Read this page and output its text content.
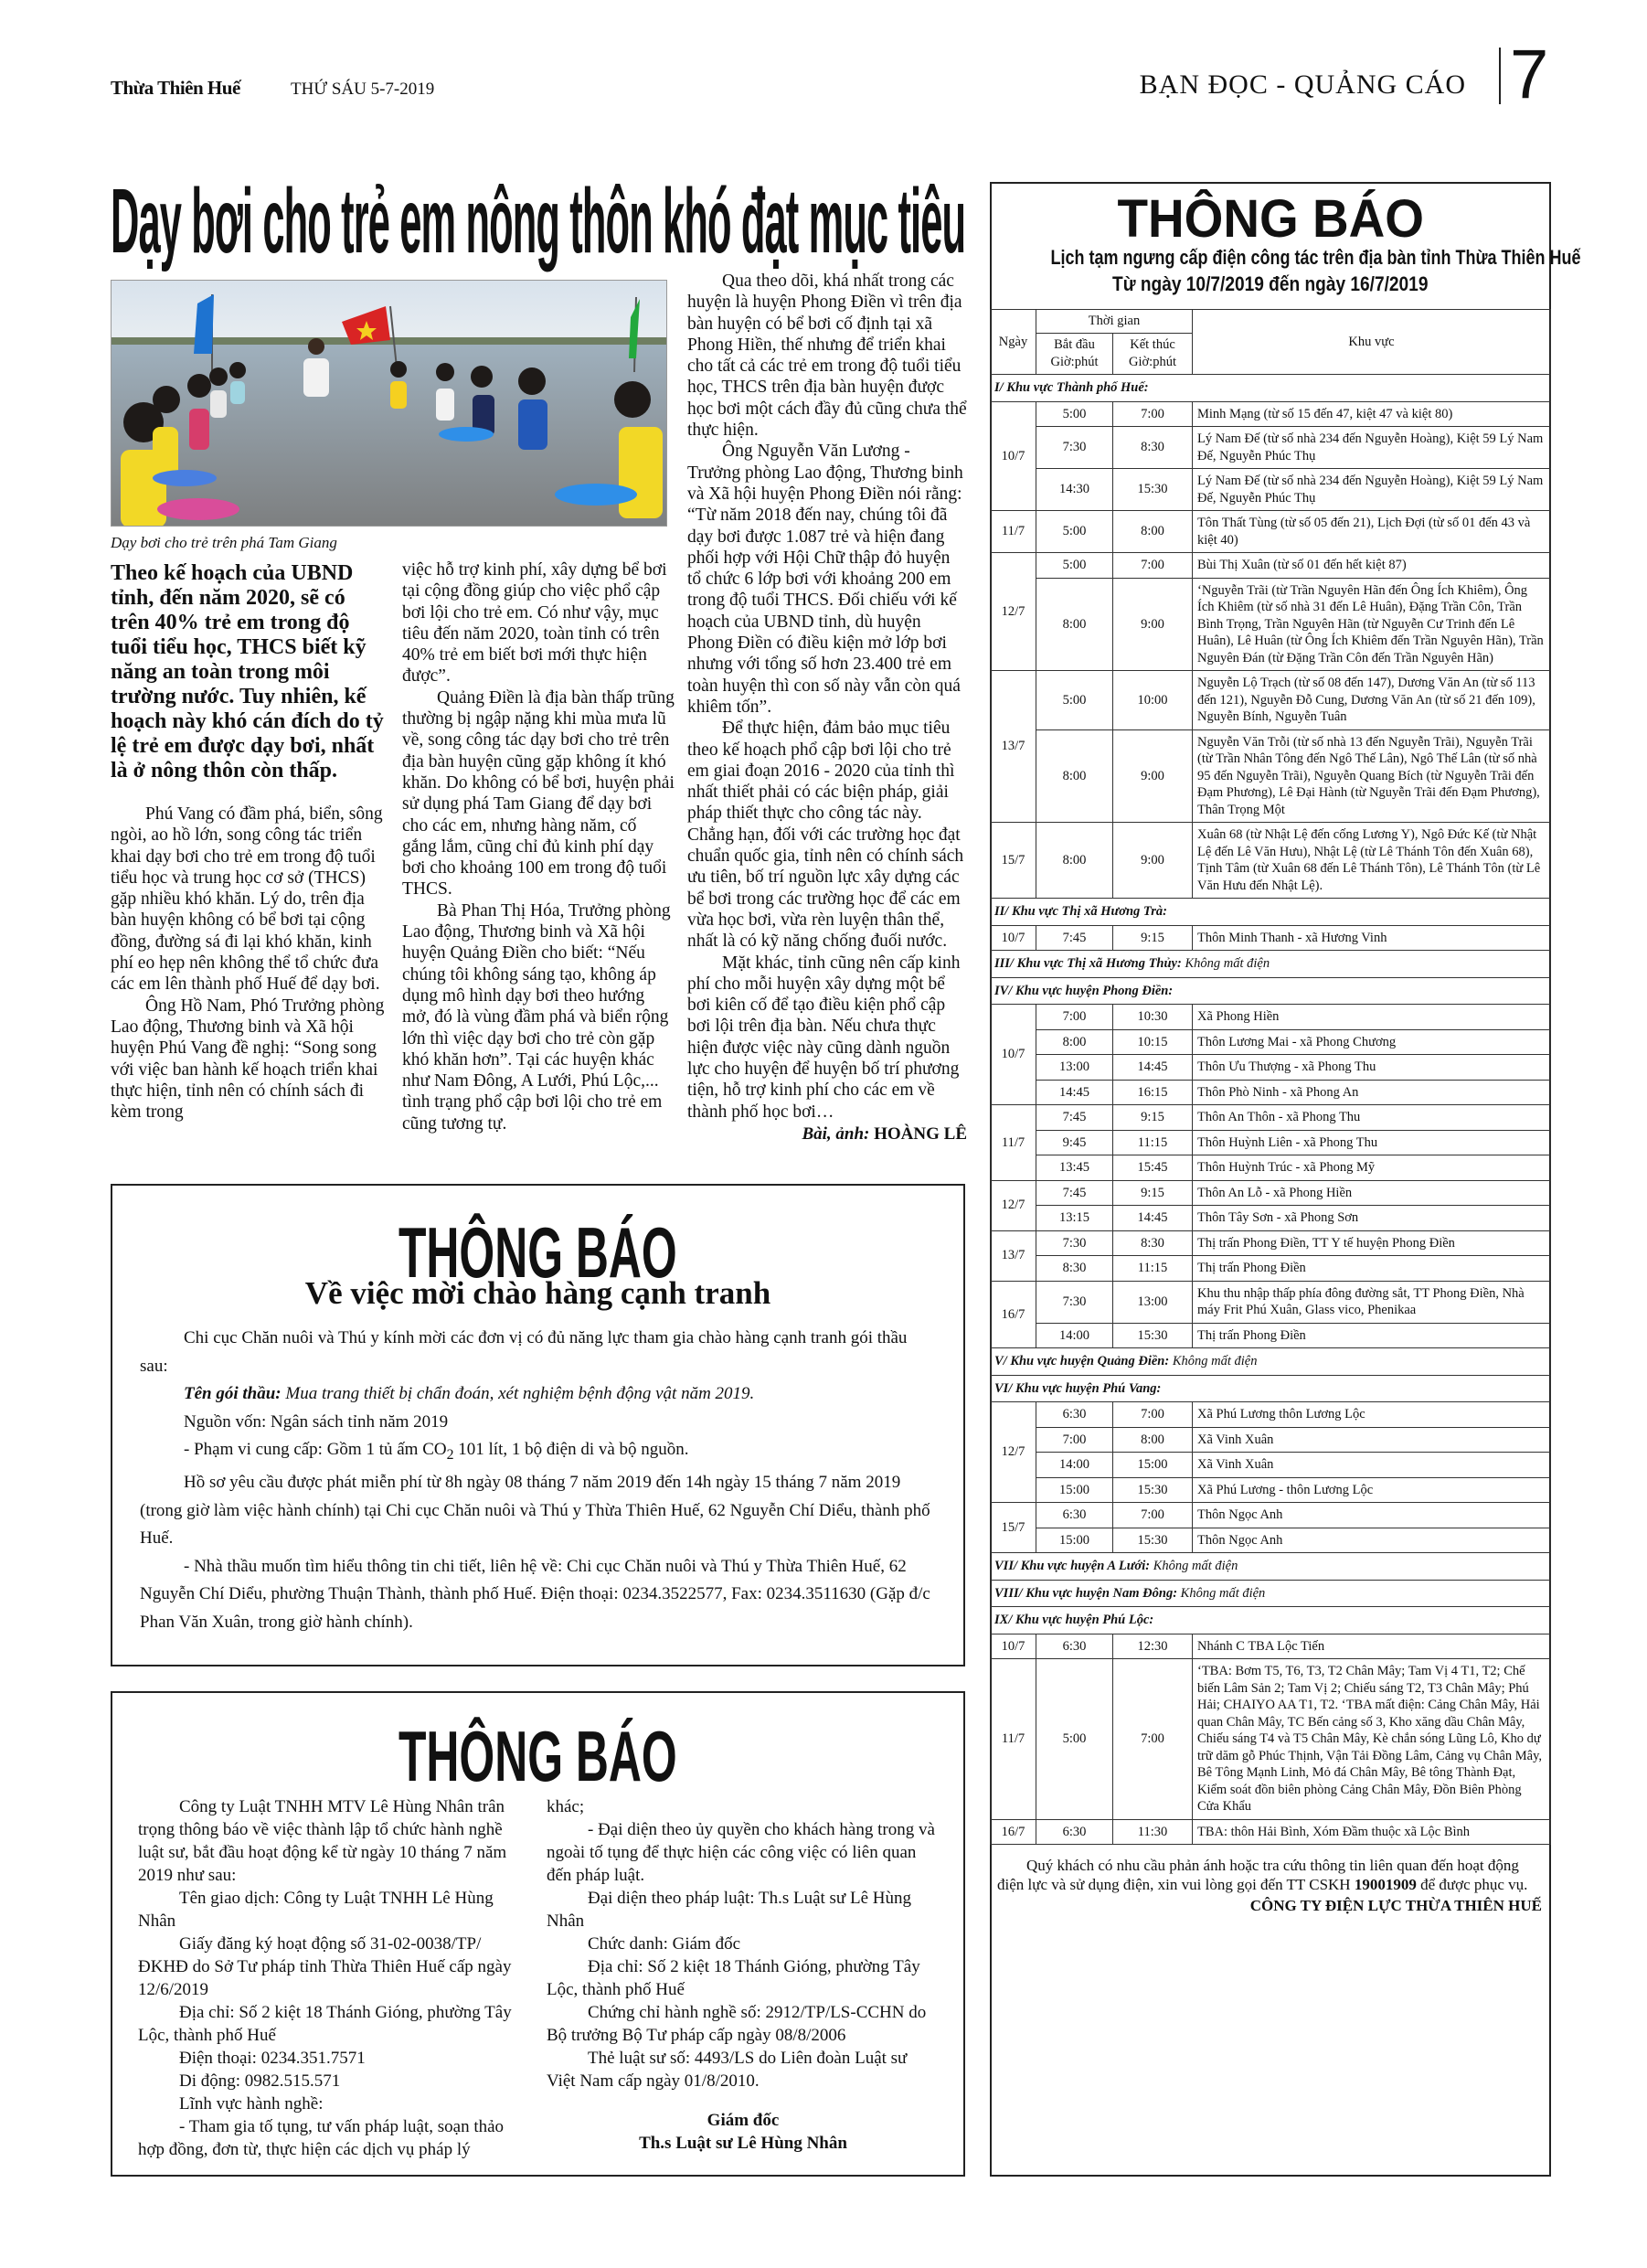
Thừa Thiên Huế	THỨ SÁU 5-7-2019	BẠN ĐỌC - QUẢNG CÁO 7
Dạy bơi cho trẻ em nông thôn khó đạt mục tiêu
Dạy bơi cho trẻ trên phá Tam Giang

Theo kế hoạch của UBND tỉnh, đến năm 2020, sẽ có trên 40% trẻ em trong độ tuổi tiểu học, THCS biết kỹ năng an toàn trong môi trường nước. Tuy nhiên, kế hoạch này khó cán đích do tỷ lệ trẻ em được dạy bơi, nhất là ở nông thôn còn thấp.

Phú Vang có đầm phá, biển, sông ngòi, ao hồ lớn, song công tác triển khai dạy bơi cho trẻ em trong độ tuổi tiểu học và trung học cơ sở (THCS) gặp nhiều khó khăn. Lý do, trên địa bàn huyện không có bể bơi tại cộng đồng, đường sá đi lại khó khăn, kinh phí eo hẹp nên không thể tổ chức đưa các em lên thành phố Huế để dạy bơi.

Ông Hồ Nam, Phó Trưởng phòng Lao động, Thương binh và Xã hội huyện Phú Vang đề nghị: “Song song với việc ban hành kế hoạch triển khai thực hiện, tỉnh nên có chính sách đi kèm trong

việc hỗ trợ kinh phí, xây dựng bể bơi tại cộng đồng giúp cho việc phổ cập bơi lội cho trẻ em. Có như vậy, mục tiêu đến năm 2020, toàn tỉnh có trên 40% trẻ em biết bơi mới thực hiện được”.

Quảng Điền là địa bàn thấp trũng thường bị ngập nặng khi mùa mưa lũ về, song công tác dạy bơi cho trẻ trên địa bàn huyện cũng gặp không ít khó khăn. Do không có bể bơi, huyện phải sử dụng phá Tam Giang để dạy bơi cho các em, nhưng hàng năm, cố gắng lắm, cũng chỉ đủ kinh phí dạy bơi cho khoảng 100 em trong độ tuổi THCS.

Bà Phan Thị Hóa, Trưởng phòng Lao động, Thương binh và Xã hội huyện Quảng Điền cho biết: “Nếu chúng tôi không sáng tạo, không áp dụng mô hình dạy bơi theo hướng mở, đó là vùng đầm phá và biển rộng lớn thì việc dạy bơi cho trẻ còn gặp khó khăn hơn”. Tại các huyện khác như Nam Đông, A Lưới, Phú Lộc,... tình trạng phổ cập bơi lội cho trẻ em cũng tương tự.

Qua theo dõi, khá nhất trong các huyện là huyện Phong Điền vì trên địa bàn huyện có bể bơi cố định tại xã Phong Hiền, thế nhưng để triển khai cho tất cả các trẻ em trong độ tuổi tiểu học, THCS trên địa bàn huyện được học bơi một cách đầy đủ cũng chưa thể thực hiện.

Ông Nguyễn Văn Lương - Trưởng phòng Lao động, Thương binh và Xã hội huyện Phong Điền nói rằng: “Từ năm 2018 đến nay, chúng tôi đã dạy bơi được 1.087 trẻ và hiện đang phối hợp với Hội Chữ thập đỏ huyện tổ chức 6 lớp bơi với khoảng 200 em trong độ tuổi THCS. Đối chiếu với kế hoạch của UBND tỉnh, dù huyện Phong Điền có điều kiện mở lớp bơi nhưng với tổng số hơn 23.400 trẻ em toàn huyện thì con số này vẫn còn quá khiêm tốn”.

Để thực hiện, đảm bảo mục tiêu theo kế hoạch phổ cập bơi lội cho trẻ em giai đoạn 2016 - 2020 của tỉnh thì nhất thiết phải có các biện pháp, giải pháp thiết thực cho công tác này. Chẳng hạn, đối với các trường học đạt chuẩn quốc gia, tỉnh nên có chính sách ưu tiên, bố trí nguồn lực xây dựng các bể bơi trong các trường học để các em vừa học bơi, vừa rèn luyện thân thể, nhất là có kỹ năng chống đuối nước.

Mặt khác, tỉnh cũng nên cấp kinh phí cho mỗi huyện xây dựng một bể bơi kiên cố để tạo điều kiện phổ cập bơi lội trên địa bàn. Nếu chưa thực hiện được việc này cũng dành nguồn lực cho huyện để huyện bố trí phương tiện, hỗ trợ kinh phí cho các em về thành phố học bơi…

Bài, ảnh: HOÀNG LÊ
THÔNG BÁO
Về việc mời chào hàng cạnh tranh

Chi cục Chăn nuôi và Thú y kính mời các đơn vị có đủ năng lực tham gia chào hàng cạnh tranh gói thầu sau:

Tên gói thầu: Mua trang thiết bị chẩn đoán, xét nghiệm bệnh động vật năm 2019.

Nguồn vốn: Ngân sách tỉnh năm 2019

- Phạm vi cung cấp: Gồm 1 tủ ấm $CO_2$ 101 lít, 1 bộ điện di và bộ nguồn.

Hồ sơ yêu cầu được phát miễn phí từ 8h ngày 08 tháng 7 năm 2019 đến 14h ngày 15 tháng 7 năm 2019 (trong giờ làm việc hành chính) tại Chi cục Chăn nuôi và Thú y Thừa Thiên Huế, 62 Nguyễn Chí Diểu, thành phố Huế.

- Nhà thầu muốn tìm hiểu thông tin chi tiết, liên hệ về: Chi cục Chăn nuôi và Thú y Thừa Thiên Huế, 62 Nguyễn Chí Diểu, phường Thuận Thành, thành phố Huế. Điện thoại: 0234.3522577, Fax: 0234.3511630 (Gặp đ/c Phan Văn Xuân, trong giờ hành chính).

THÔNG BÁO

Công ty Luật TNHH MTV Lê Hùng Nhân trân trọng thông báo về việc thành lập tổ chức hành nghề luật sư, bắt đầu hoạt động kể từ ngày 10 tháng 7 năm 2019 như sau:

Tên giao dịch: Công ty Luật TNHH Lê Hùng Nhân

Giấy đăng ký hoạt động số 31-02-0038/TP/ĐKHĐ do Sở Tư pháp tỉnh Thừa Thiên Huế cấp ngày 12/6/2019

Địa chỉ: Số 2 kiệt 18 Thánh Gióng, phường Tây Lộc, thành phố Huế

Điện thoại: 0234.351.7571

Di động: 0982.515.571

Lĩnh vực hành nghề:

- Tham gia tố tụng, tư vấn pháp luật, soạn thảo hợp đồng, đơn từ, thực hiện các dịch vụ pháp lý

khác;

- Đại diện theo ủy quyền cho khách hàng trong và ngoài tố tụng để thực hiện các công việc có liên quan đến pháp luật.

Đại diện theo pháp luật: Th.s Luật sư Lê Hùng Nhân

Chức danh: Giám đốc

Địa chỉ: Số 2 kiệt 18 Thánh Gióng, phường Tây Lộc, thành phố Huế

Chứng chỉ hành nghề số: 2912/TP/LS-CCHN do Bộ trưởng Bộ Tư pháp cấp ngày 08/8/2006

Thẻ luật sư số: 4493/LS do Liên đoàn Luật sư Việt Nam cấp ngày 01/8/2010.

Giám đốc
Th.s Luật sư Lê Hùng Nhân
THÔNG BÁO
Lịch tạm ngưng cấp điện công tác trên địa bàn tỉnh Thừa Thiên Huế
Từ ngày 10/7/2019 đến ngày 16/7/2019
Ngày	Thời gian		Khu vực
	Bắt đầu Giờ:phút	Kết thúc Giờ:phút	
I/ Khu vực Thành phố Huế:			
10/7	5:00	7:00	Minh Mạng (từ số 15 đến 47, kiệt 47 và kiệt 80)
	7:30	8:30	Lý Nam Đế (từ số nhà 234 đến Nguyễn Hoàng), Kiệt 59 Lý Nam Đế, Nguyễn Phúc Thụ
	14:30	15:30	Lý Nam Đế (từ số nhà 234 đến Nguyễn Hoàng), Kiệt 59 Lý Nam Đế, Nguyễn Phúc Thụ
11/7	5:00	8:00	Tôn Thất Tùng (từ số 05 đến 21), Lịch Đợi (từ số 01 đến 43 và kiệt 40)
12/7	5:00	7:00	Bùi Thị Xuân (từ số 01 đến hết kiệt 87)
	8:00	9:00	‘Nguyễn Trãi (từ Trần Nguyên Hãn đến Ông Ích Khiêm), Ông Ích Khiêm (từ số nhà 31 đến Lê Huân), Đặng Trần Côn, Trần Bình Trọng, Trần Nguyên Hãn (từ Nguyễn Cư Trinh đến Lê Huân), Lê Huân (từ Ông Ích Khiêm đến Trần Nguyên Hãn), Trần Nguyên Đán (từ Đặng Trần Côn đến Trần Nguyên Hãn)
13/7	5:00	10:00	Nguyễn Lộ Trạch (từ số 08 đến 147), Dương Văn An (từ số 113 đến 121), Nguyễn Đỗ Cung, Dương Văn An (từ số 21 đến 109), Nguyễn Bính, Nguyễn Tuân
	8:00	9:00	Nguyễn Văn Trỗi (từ số nhà 13 đến Nguyễn Trãi), Nguyễn Trãi (từ Trần Nhân Tông đến Ngô Thế Lân), Ngô Thế Lân (từ số nhà 95 đến Nguyễn Trãi), Nguyễn Quang Bích (từ Nguyễn Trãi đến Đạm Phương), Lê Đại Hành (từ Nguyễn Trãi đến Đạm Phương), Thân Trọng Một
15/7	8:00	9:00	Xuân 68 (từ Nhật Lệ đến cống Lương Y), Ngô Đức Kế (từ Nhật Lệ đến Lê Văn Hưu), Nhật Lệ (từ Lê Thánh Tôn đến Xuân 68), Tịnh Tâm (từ Xuân 68 đến Lê Thánh Tôn), Lê Thánh Tôn (từ Lê Văn Hưu đến Nhật Lệ).
II/ Khu vực Thị xã Hương Trà:			
10/7	7:45	9:15	Thôn Minh Thanh - xã Hương Vinh
III/ Khu vực Thị xã Hương Thủy: Không mất điện			
IV/ Khu vực huyện Phong Điền:			
10/7	7:00	10:30	Xã Phong Hiền
	8:00	10:15	Thôn Lương Mai - xã Phong Chương
	13:00	14:45	Thôn Ưu Thượng - xã Phong Thu
	14:45	16:15	Thôn Phò Ninh - xã Phong An
11/7	7:45	9:15	Thôn An Thôn - xã Phong Thu
	9:45	11:15	Thôn Huỳnh Liên - xã Phong Thu
	13:45	15:45	Thôn Huỳnh Trúc - xã Phong Mỹ
12/7	7:45	9:15	Thôn An Lỗ - xã Phong Hiền
	13:15	14:45	Thôn Tây Sơn - xã Phong Sơn
13/7	7:30	8:30	Thị trấn Phong Điền, TT Y tế huyện Phong Điền
	8:30	11:15	Thị trấn Phong Điền
16/7	7:30	13:00	Khu thu nhập thấp phía đông đường sắt, TT Phong Điền, Nhà máy Frit Phú Xuân, Glass vico, Phenikaa
	14:00	15:30	Thị trấn Phong Điền
V/ Khu vực huyện Quảng Điền: Không mất điện			
VI/ Khu vực huyện Phú Vang:			
12/7	6:30	7:00	Xã Phú Lương thôn Lương Lộc
	7:00	8:00	Xã Vinh Xuân
	14:00	15:00	Xã Vinh Xuân
	15:00	15:30	Xã Phú Lương - thôn Lương Lộc
15/7	6:30	7:00	Thôn Ngọc Anh
	15:00	15:30	Thôn Ngọc Anh
VII/ Khu vực huyện A Lưới: Không mất điện			
VIII/ Khu vực huyện Nam Đông: Không mất điện			
IX/ Khu vực huyện Phú Lộc:			
10/7	6:30	12:30	Nhánh C TBA Lộc Tiến
11/7	5:00	7:00	‘TBA: Bơm T5, T6, T3, T2 Chân Mây; Tam Vị 4 T1, T2; Chế biến Lâm Sản 2; Tam Vị 2; Chiếu sáng T2, T3 Chân Mây; Phú Hải; CHAIYO AA T1, T2. ‘TBA mất điện: Cảng Chân Mây, Hải quan Chân Mây, TC Bến cảng số 3, Kho xăng dầu Chân Mây, Chiếu sáng T4 và T5 Chân Mây, Kè chắn sóng Lũng Lô, Kho dự trữ dăm gỗ Phúc Thịnh, Vận Tải Đồng Lâm, Cảng vụ Chân Mây, Bê Tông Mạnh Linh, Mỏ đá Chân Mây, Bê tông Thành Đạt, Kiểm soát đồn biên phòng Cảng Chân Mây, Đồn Biên Phòng Cửa Khẩu
16/7	6:30	11:30	TBA: thôn Hải Bình, Xóm Đầm thuộc xã Lộc Bình

Quý khách có nhu cầu phản ánh hoặc tra cứu thông tin liên quan đến hoạt động điện lực và sử dụng điện, xin vui lòng gọi đến TT CSKH 19001909 để được phục vụ.

CÔNG TY ĐIỆN LỰC THỪA THIÊN HUẾ
